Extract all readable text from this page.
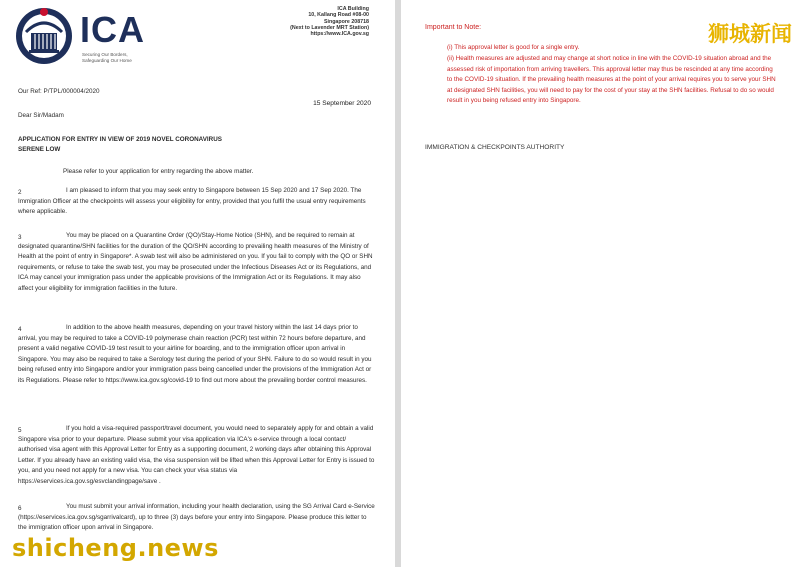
ICA
Securing Our Borders,
Safeguarding Our Home
ICA Building
10, Kallang Road #08-00
Singapore 208718
(Next to Lavender MRT Station)
https://www.ICA.gov.sg
Our Ref: P/TPL/000004/2020
15 September 2020
Dear Sir/Madam
APPLICATION FOR ENTRY IN VIEW OF 2019 NOVEL CORONAVIRUS
SERENE LOW
Please refer to your application for entry regarding the above matter.
2	I am pleased to inform that you may seek entry to Singapore between 15 Sep 2020 and 17 Sep 2020. The Immigration Officer at the checkpoints will assess your eligibility for entry, provided that you fulfil the usual entry requirements where applicable.
3	You may be placed on a Quarantine Order (QO)/Stay-Home Notice (SHN), and be required to remain at designated quarantine/SHN facilities for the duration of the QO/SHN according to prevailing health measures of the Ministry of Health at the point of entry in Singapore*. A swab test will also be administered on you. If you fail to comply with the QO or SHN requirements, or refuse to take the swab test, you may be prosecuted under the Infectious Diseases Act or its Regulations, and ICA may cancel your immigration pass under the applicable provisions of the Immigration Act or its Regulations. It may also affect your eligibility for immigration facilities in the future.
4	In addition to the above health measures, depending on your travel history within the last 14 days prior to arrival, you may be required to take a COVID-19 polymerase chain reaction (PCR) test within 72 hours before departure, and present a valid negative COVID-19 test result to your airline for boarding, and to the immigration officer upon arrival in Singapore. You may also be required to take a Serology test during the period of your SHN. Failure to do so would result in you being refused entry into Singapore and/or your immigration pass being cancelled under the provisions of the Immigration Act or its Regulations. Please refer to https://www.ica.gov.sg/covid-19 to find out more about the prevailing border control measures.
5	If you hold a visa-required passport/travel document, you would need to separately apply for and obtain a valid Singapore visa prior to your departure. Please submit your visa application via ICA's e-service through a local contact/ authorised visa agent with this Approval Letter for Entry as a supporting document, 2 working days after obtaining this Approval Letter. If you already have an existing valid visa, the visa suspension will be lifted when this Approval Letter for Entry is issued to you, and you need not apply for a new visa. You can check your visa status via https://eservices.ica.gov.sg/esvclandingpage/save .
6	You must submit your arrival information, including your health declaration, using the SG Arrival Card e-Service (https://eservices.ica.gov.sg/sgarrivalcard), up to three (3) days before your entry into Singapore. Please produce this letter to the immigration officer upon arrival in Singapore.
Important to Note:
(i) This approval letter is good for a single entry.
(ii) Health measures are adjusted and may change at short notice in line with the COVID-19 situation abroad and the assessed risk of importation from arriving travellers. This approval letter may thus be rescinded at any time according to the COVID-19 situation. If the prevailing health measures at the point of your arrival requires you to serve your SHN at designated SHN facilities, you will need to pay for the cost of your stay at the SHN facilities. Refusal to do so would result in you being refused entry into Singapore.
IMMIGRATION & CHECKPOINTS AUTHORITY
狮城新闻
shicheng.news
